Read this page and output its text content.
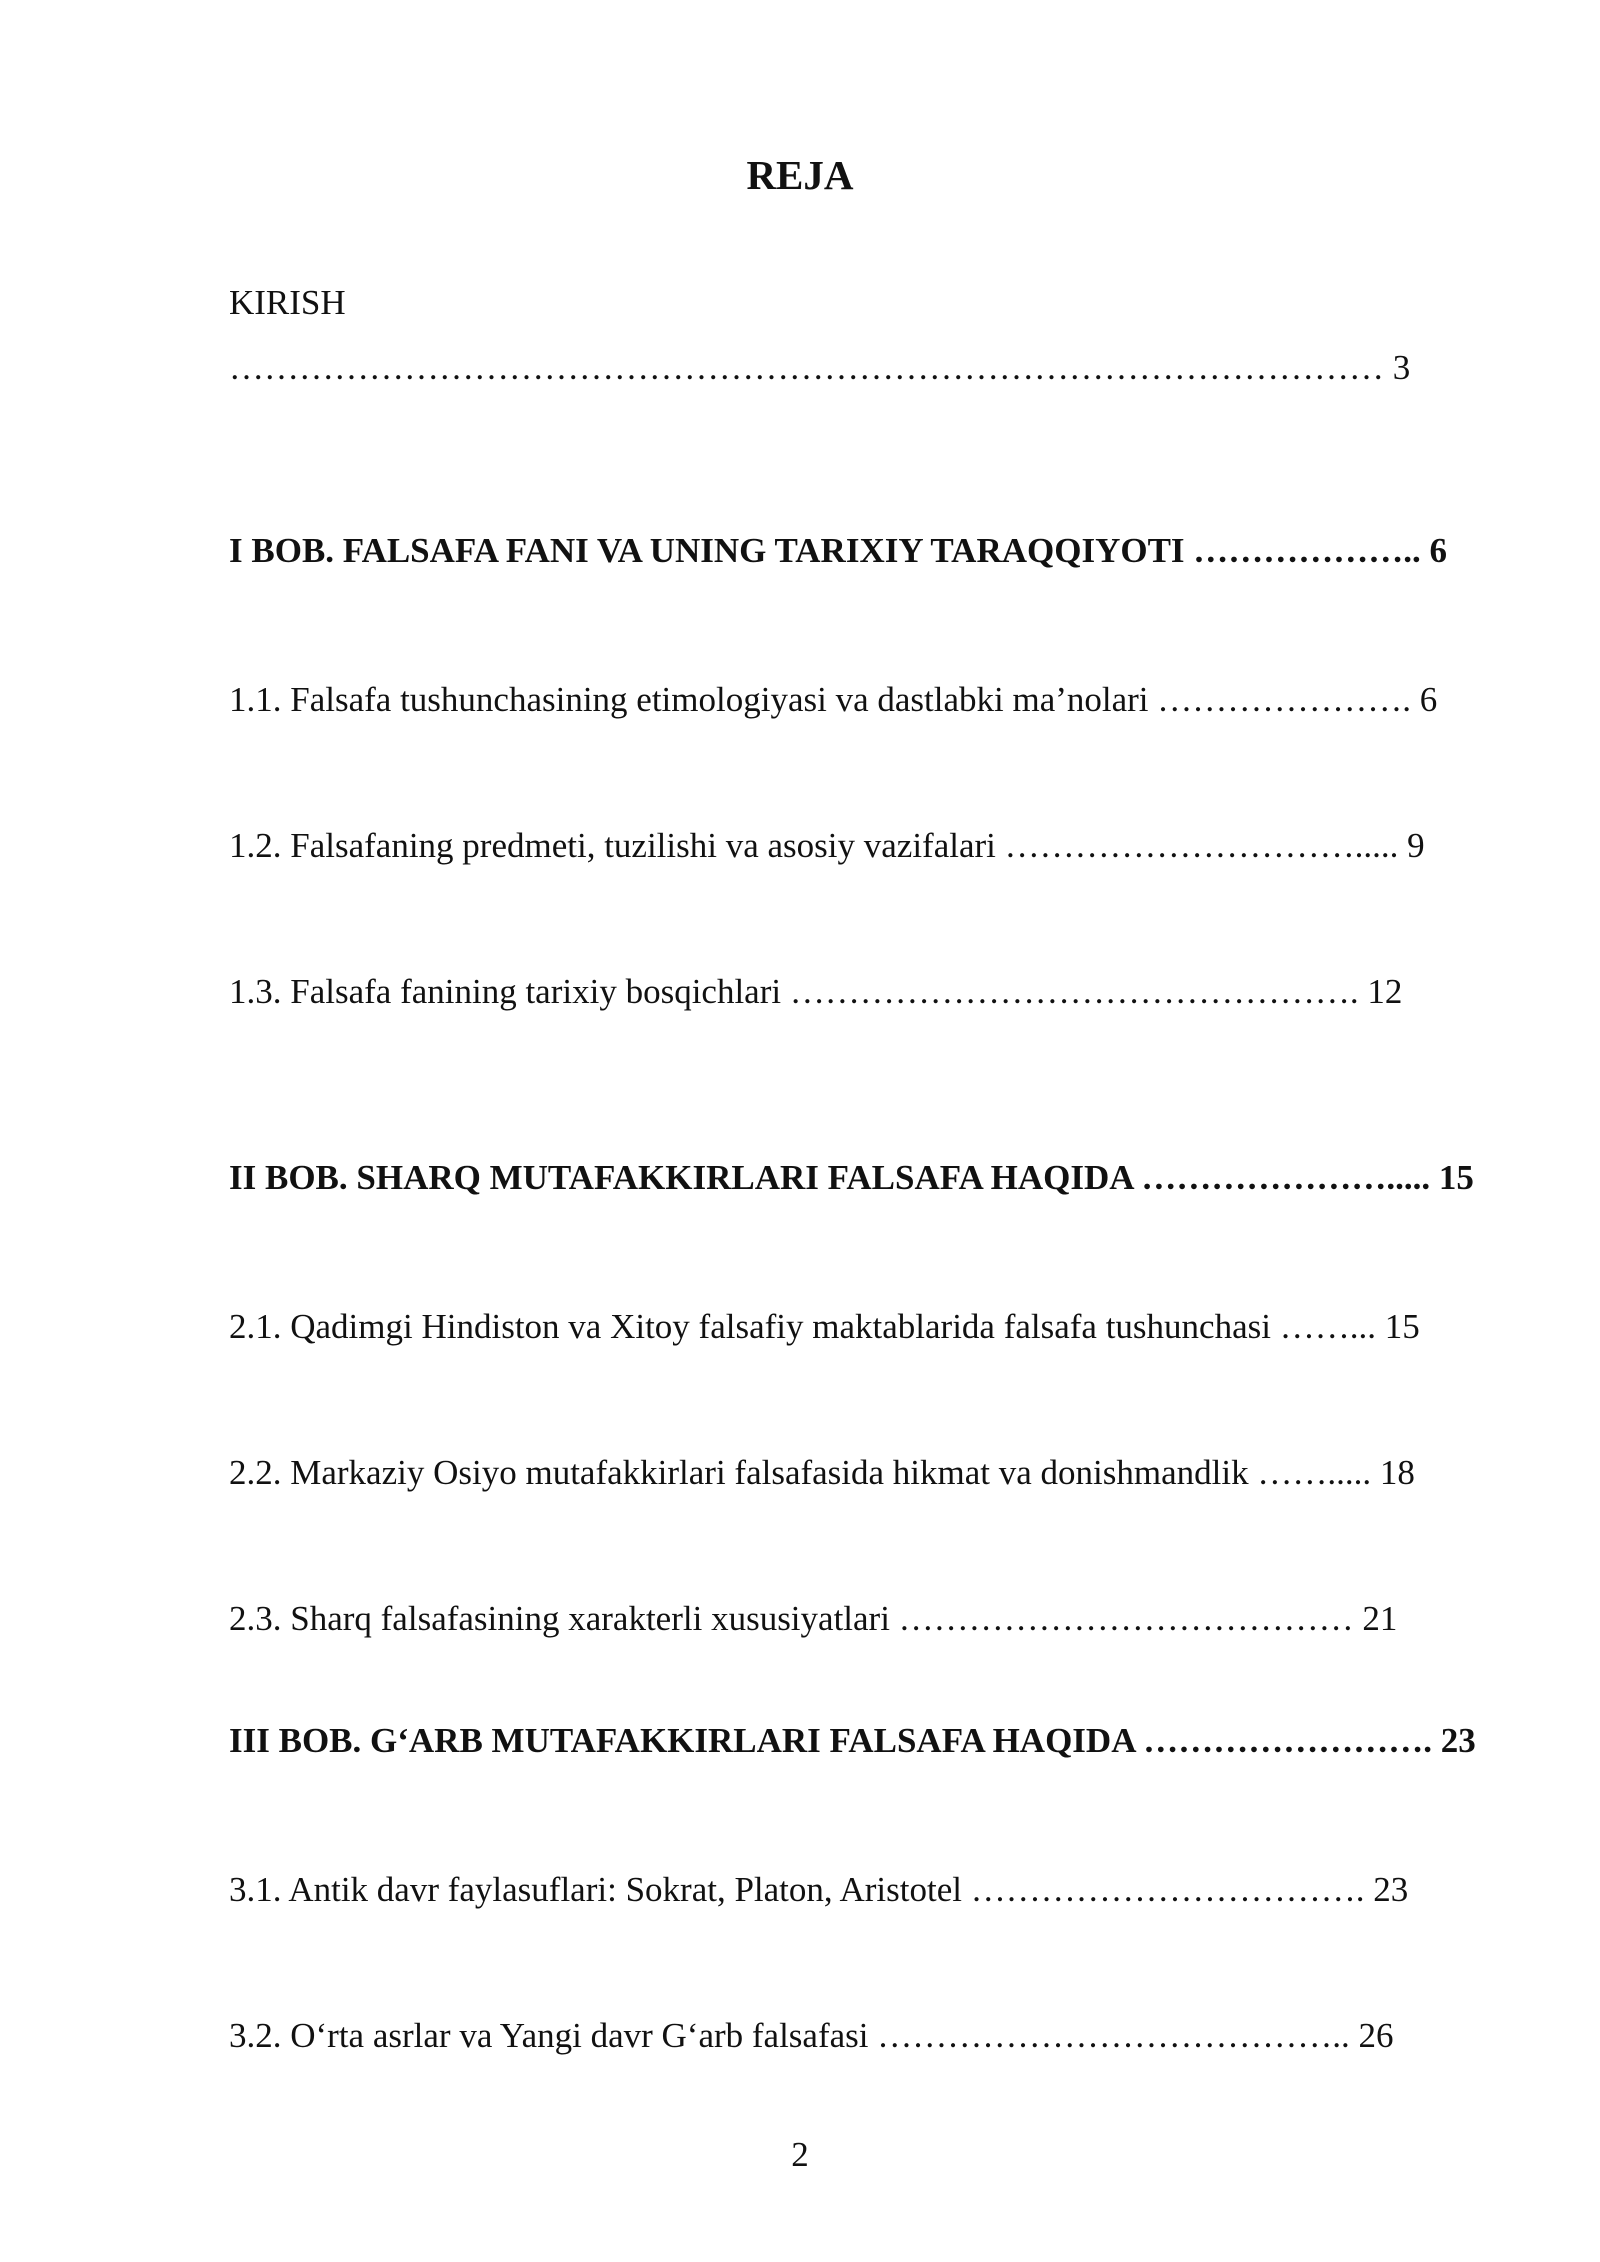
REJA

KIRISH ……………………………………………………………………………………… 3

I BOB. FALSAFA FANI VA UNING TARIXIY TARAQQIYOTI ……………….. 6

1.1. Falsafa tushunchasining etimologiyasi va dastlabki ma’nolari …………………. 6

1.2. Falsafaning predmeti, tuzilishi va asosiy vazifalari …………………………..... 9

1.3. Falsafa fanining tarixiy bosqichlari …………………………………………. 12

II BOB. SHARQ MUTAFAKKIRLARI FALSAFA HAQIDA …………………..... 15

2.1. Qadimgi Hindiston va Xitoy falsafiy maktablarida falsafa tushunchasi ……... 15

2.2. Markaziy Osiyo mutafakkirlari falsafasida hikmat va donishmandlik ……..... 18

2.3. Sharq falsafasining xarakterli xususiyatlari ………………………………… 21

III BOB. G‘ARB MUTAFAKKIRLARI FALSAFA HAQIDA ……………………. 23

3.1. Antik davr faylasuflari: Sokrat, Platon, Aristotel ……………………………. 23

3.2. O‘rta asrlar va Yangi davr G‘arb falsafasi ………………………………….. 26

2
